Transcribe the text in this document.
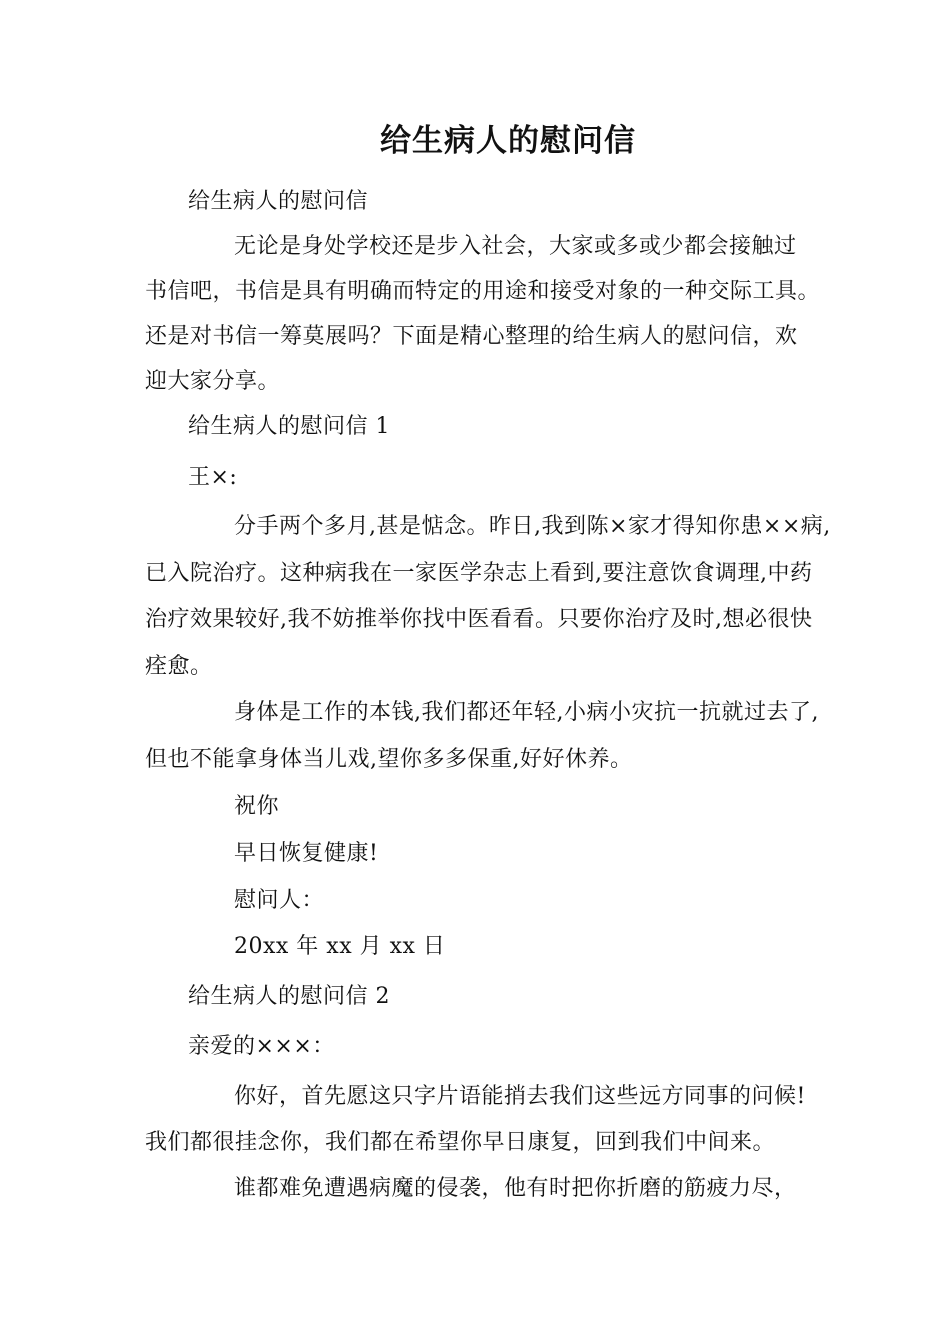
给生病人的慰问信
给生病人的慰问信
无论是身处学校还是步入社会，大家或多或少都会接触过
书信吧，书信是具有明确而特定的用途和接受对象的一种交际工具。
还是对书信一筹莫展吗？下面是精心整理的给生病人的慰问信，欢
迎大家分享。
给生病人的慰问信 1
王×:
分手两个多月,甚是惦念。昨日,我到陈×家才得知你患××病,
已入院治疗。这种病我在一家医学杂志上看到,要注意饮食调理,中药
治疗效果较好,我不妨推举你找中医看看。只要你治疗及时,想必很快
痊愈。
身体是工作的本钱,我们都还年轻,小病小灾抗一抗就过去了,
但也不能拿身体当儿戏,望你多多保重,好好休养。
祝你
早日恢复健康!
慰问人：
20xx 年 xx 月 xx 日
给生病人的慰问信 2
亲爱的×××：
你好，首先愿这只字片语能捎去我们这些远方同事的问候!
我们都很挂念你，我们都在希望你早日康复，回到我们中间来。
谁都难免遭遇病魔的侵袭，他有时把你折磨的筋疲力尽，
